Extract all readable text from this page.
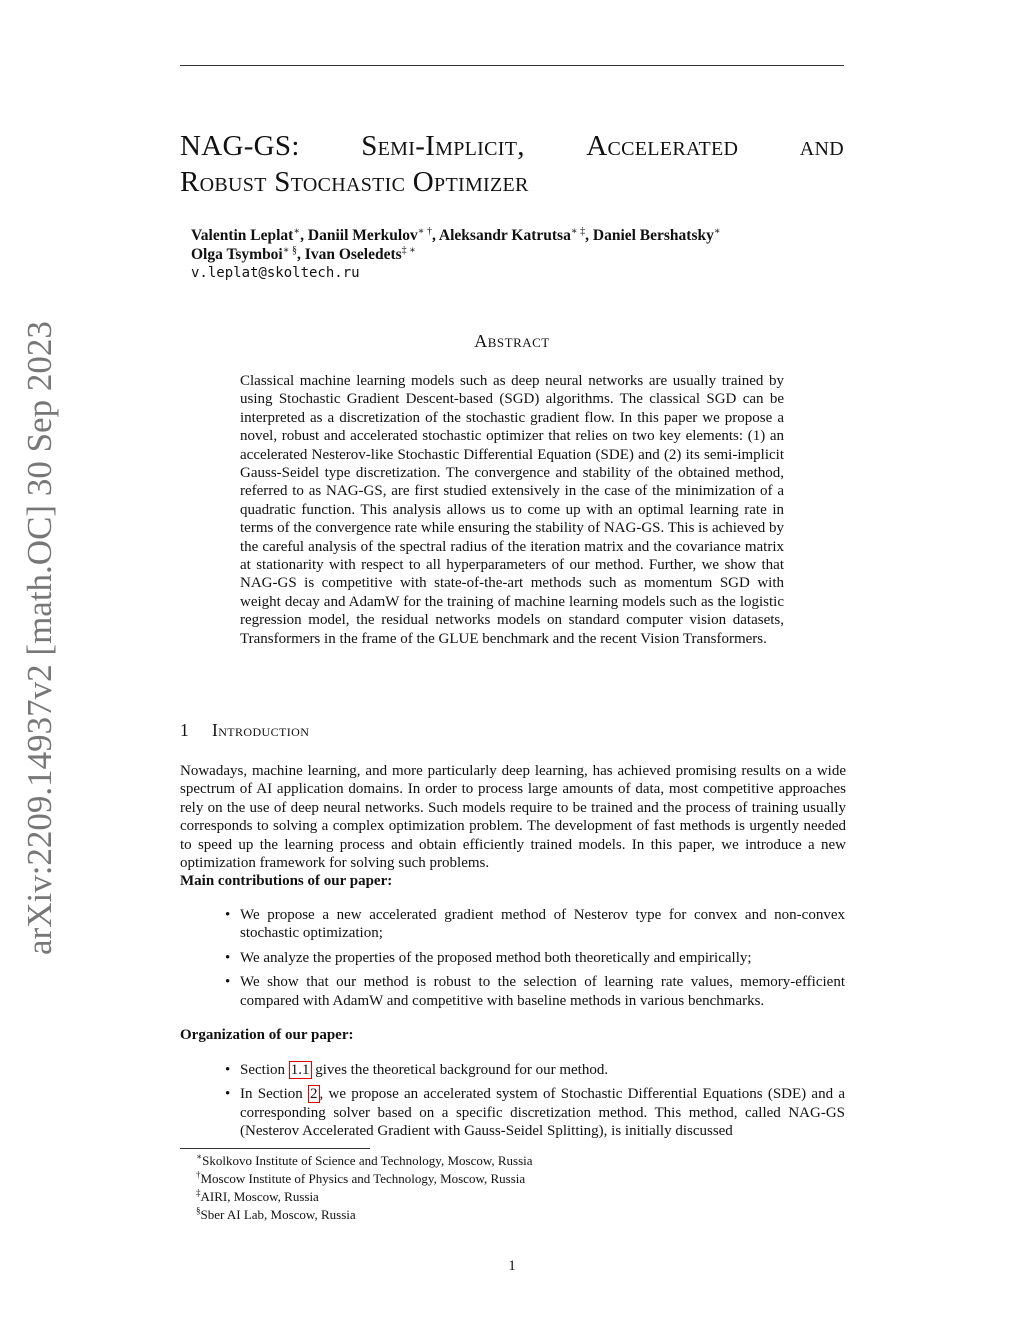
arXiv:2209.14937v2 [math.OC] 30 Sep 2023
NAG-GS: Semi-Implicit, Accelerated and
Robust Stochastic Optimizer
Valentin Leplat∗, Daniil Merkulov∗ †, Aleksandr Katrutsa∗ ‡, Daniel Bershatsky∗
Olga Tsymboi∗ §, Ivan Oseledets‡ ∗
v.leplat@skoltech.ru
Abstract
Classical machine learning models such as deep neural networks are usually trained by using Stochastic Gradient Descent-based (SGD) algorithms. The classical SGD can be interpreted as a discretization of the stochastic gradient flow. In this paper we propose a novel, robust and accelerated stochastic optimizer that relies on two key elements: (1) an accelerated Nesterov-like Stochastic Differential Equation (SDE) and (2) its semi-implicit Gauss-Seidel type discretization. The convergence and stability of the obtained method, referred to as NAG-GS, are first studied extensively in the case of the minimization of a quadratic function. This analysis allows us to come up with an optimal learning rate in terms of the convergence rate while ensuring the stability of NAG-GS. This is achieved by the careful analysis of the spectral radius of the iteration matrix and the covariance matrix at stationarity with respect to all hyperparameters of our method. Further, we show that NAG-GS is competitive with state-of-the-art methods such as momentum SGD with weight decay and AdamW for the training of machine learning models such as the logistic regression model, the residual networks models on standard computer vision datasets, Transformers in the frame of the GLUE benchmark and the recent Vision Transformers.
1 Introduction
Nowadays, machine learning, and more particularly deep learning, has achieved promising results on a wide spectrum of AI application domains. In order to process large amounts of data, most competitive approaches rely on the use of deep neural networks. Such models require to be trained and the process of training usually corresponds to solving a complex optimization problem. The development of fast methods is urgently needed to speed up the learning process and obtain efficiently trained models. In this paper, we introduce a new optimization framework for solving such problems.
Main contributions of our paper:
• We propose a new accelerated gradient method of Nesterov type for convex and non-convex stochastic optimization;
• We analyze the properties of the proposed method both theoretically and empirically;
• We show that our method is robust to the selection of learning rate values, memory-efficient compared with AdamW and competitive with baseline methods in various benchmarks.
Organization of our paper:
• Section 1.1 gives the theoretical background for our method.
• In Section 2 , we propose an accelerated system of Stochastic Differential Equations (SDE) and a corresponding solver based on a specific discretization method. This method, called NAG-GS (Nesterov Accelerated Gradient with Gauss-Seidel Splitting), is initially discussed
∗Skolkovo Institute of Science and Technology, Moscow, Russia
†Moscow Institute of Physics and Technology, Moscow, Russia
‡AIRI, Moscow, Russia
§Sber AI Lab, Moscow, Russia
1
